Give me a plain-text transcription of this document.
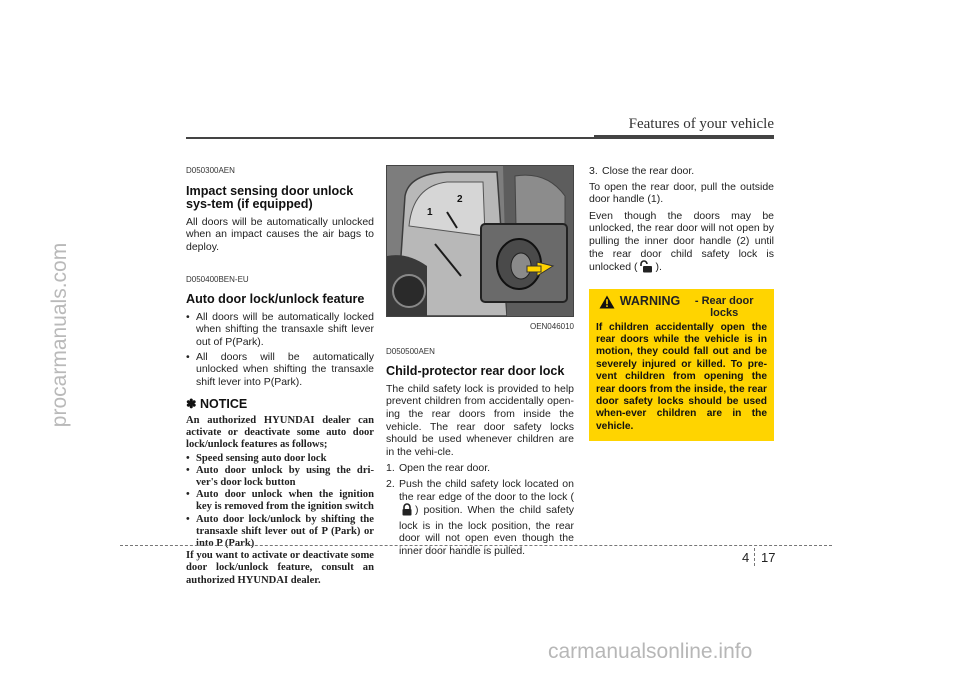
procarmanuals.com
Features of your vehicle
D050300AEN
Impact sensing door unlock sys-tem (if equipped)
All doors will be automatically unlocked when an impact causes the air bags to deploy.
D050400BEN-EU
Auto door lock/unlock feature
• All doors will be automatically locked when shifting the transaxle shift lever out of P(Park).
• All doors will be automatically unlocked when shifting the transaxle shift lever into P(Park).
✽ NOTICE

An authorized HYUNDAI dealer can activate or deactivate some auto door lock/unlock features as follows;

• Speed sensing auto door lock
• Auto door unlock by using the dri-ver's door lock button
• Auto door unlock when the ignition key is removed from the ignition switch
• Auto door lock/unlock by shifting the transaxle shift lever out of P (Park) or into P (Park)

If you want to activate or deactivate some door lock/unlock feature, consult an authorized HYUNDAI dealer.

1
2
OEN046010
D050500AEN
Child-protector rear door lock
The child safety lock is provided to help prevent children from accidentally open-ing the rear doors from inside the vehicle. The rear door safety locks should be used whenever children are in the vehi-cle.
1. Open the rear door.
2. Push the child safety lock located on the rear edge of the door to the lock () position. When the child safety lock is in the lock position, the rear door will not open even though the inner door handle is pulled.
3. Close the rear door.
To open the rear door, pull the outside door handle (1).
Even though the doors may be unlocked, the rear door will not open by pulling the inner door handle (2) until the rear door child safety lock is unlocked ( ).
WARNING	- Rear door locks
If children accidentally open the rear doors while the vehicle is in motion, they could fall out and be severely injured or killed. To pre-vent children from opening the rear doors from the inside, the rear door safety locks should be used when-ever children are in the vehicle.
4 17
carmanualsonline.info
